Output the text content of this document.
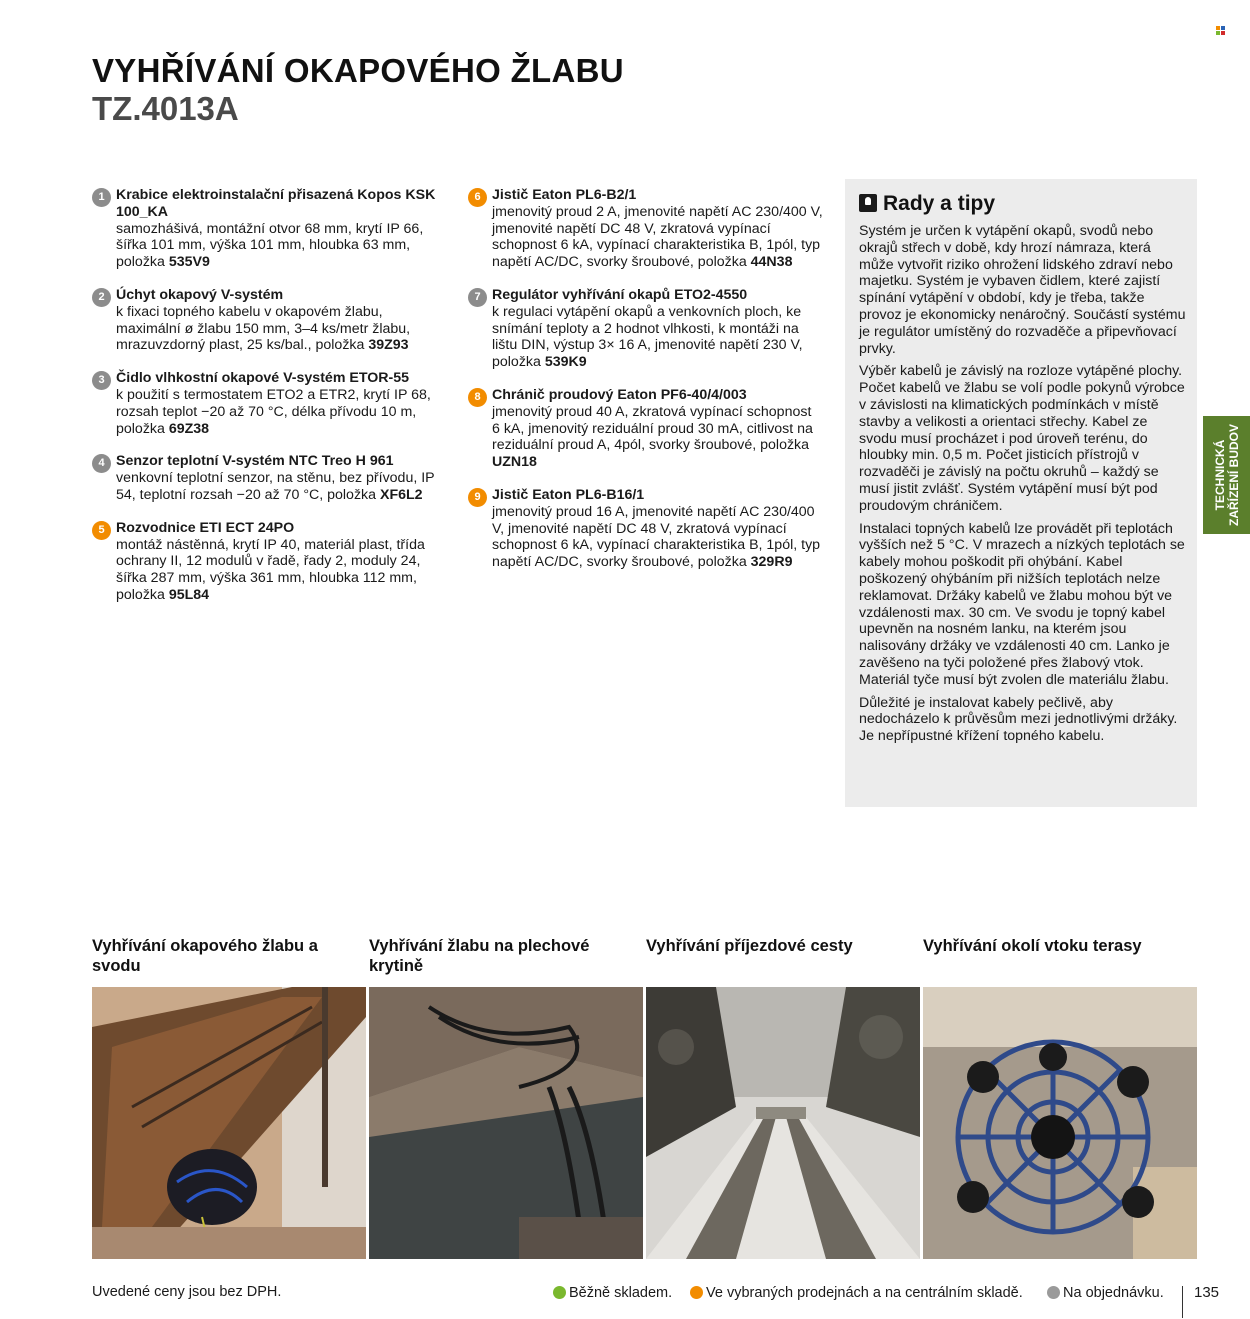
VYHŘÍVÁNÍ OKAPOVÉHO ŽLABU
TZ.4013A
1 Krabice elektroinstalační přisazená Kopos KSK 100_KA
samozhášivá, montážní otvor 68 mm, krytí IP 66, šířka 101 mm, výška 101 mm, hloubka 63 mm, položka 535V9
2 Úchyt okapový V-systém
k fixaci topného kabelu v okapovém žlabu, maximální ø žlabu 150 mm, 3–4 ks/metr žlabu, mrazuvzdorný plast, 25 ks/bal., položka 39Z93
3 Čidlo vlhkostní okapové V-systém ETOR-55
k použití s termostatem ETO2 a ETR2, krytí IP 68, rozsah teplot −20 až 70 °C, délka přívodu 10 m, položka 69Z38
4 Senzor teplotní V-systém NTC Treo H 961
venkovní teplotní senzor, na stěnu, bez přívodu, IP 54, teplotní rozsah −20 až 70 °C, položka XF6L2
5 Rozvodnice ETI ECT 24PO
montáž nástěnná, krytí IP 40, materiál plast, třída ochrany II, 12 modulů v řadě, řady 2, moduly 24, šířka 287 mm, výška 361 mm, hloubka 112 mm, položka 95L84
6 Jistič Eaton PL6-B2/1
jmenovitý proud 2 A, jmenovité napětí AC 230/400 V, jmenovité napětí DC 48 V, zkratová vypínací schopnost 6 kA, vypínací charakteristika B, 1pól, typ napětí AC/DC, svorky šroubové, položka 44N38
7 Regulátor vyhřívání okapů ETO2-4550
k regulaci vytápění okapů a venkovních ploch, ke snímání teploty a 2 hodnot vlhkosti, k montáži na lištu DIN, výstup 3× 16 A, jmenovité napětí 230 V, položka 539K9
8 Chránič proudový Eaton PF6-40/4/003
jmenovitý proud 40 A, zkratová vypínací schopnost 6 kA, jmenovitý reziduální proud 30 mA, citlivost na reziduální proud A, 4pól, svorky šroubové, položka UZN18
9 Jistič Eaton PL6-B16/1
jmenovitý proud 16 A, jmenovité napětí AC 230/400 V, jmenovité napětí DC 48 V, zkratová vypínací schopnost 6 kA, vypínací charakteristika B, 1pól, typ napětí AC/DC, svorky šroubové, položka 329R9
Rady a tipy

Systém je určen k vytápění okapů, svodů nebo okrajů střech v době, kdy hrozí námraza, která může vytvořit riziko ohrožení lidského zdraví nebo majetku. Systém je vybaven čidlem, které zajistí spínání vytápění v období, kdy je třeba, takže provoz je ekonomicky nenáročný. Součástí systému je regulátor umístěný do rozvaděče a připevňovací prvky.

Výběr kabelů je závislý na rozloze vytápěné plochy. Počet kabelů ve žlabu se volí podle pokynů výrobce v závislosti na klimatických podmínkách v místě stavby a velikosti a orientaci střechy. Kabel ze svodu musí procházet i pod úroveň terénu, do hloubky min. 0,5 m. Počet jisticích přístrojů v rozvaděči je závislý na počtu okruhů – každý se musí jistit zvlášť. Systém vytápění musí být pod proudovým chráničem.

Instalaci topných kabelů lze provádět při teplotách vyšších než 5 °C. V mrazech a nízkých teplotách se kabely mohou poškodit při ohýbání. Kabel poškozený ohýbáním při nižších teplotách nelze reklamovat. Držáky kabelů ve žlabu mohou být ve vzdálenosti max. 30 cm. Ve svodu je topný kabel upevněn na nosném lanku, na kterém jsou nalisovány držáky ve vzdálenosti 40 cm. Lanko je zavěšeno na tyči položené přes žlabový vtok. Materiál tyče musí být zvolen dle materiálu žlabu.

Důležité je instalovat kabely pečlivě, aby nedocházelo k průvěsům mezi jednotlivými držáky. Je nepřípustné křížení topného kabelu.

TECHNICKÁ
ZAŘÍZENÍ BUDOV
Vyhřívání okapového žlabu a svodu
Vyhřívání žlabu na plechové krytině
Vyhřívání příjezdové cesty	Vyhřívání okolí vtoku terasy
Uvedené ceny jsou bez DPH.	Běžně skladem. Ve vybraných prodejnách a na centrálním skladě.	Na objednávku. 135
